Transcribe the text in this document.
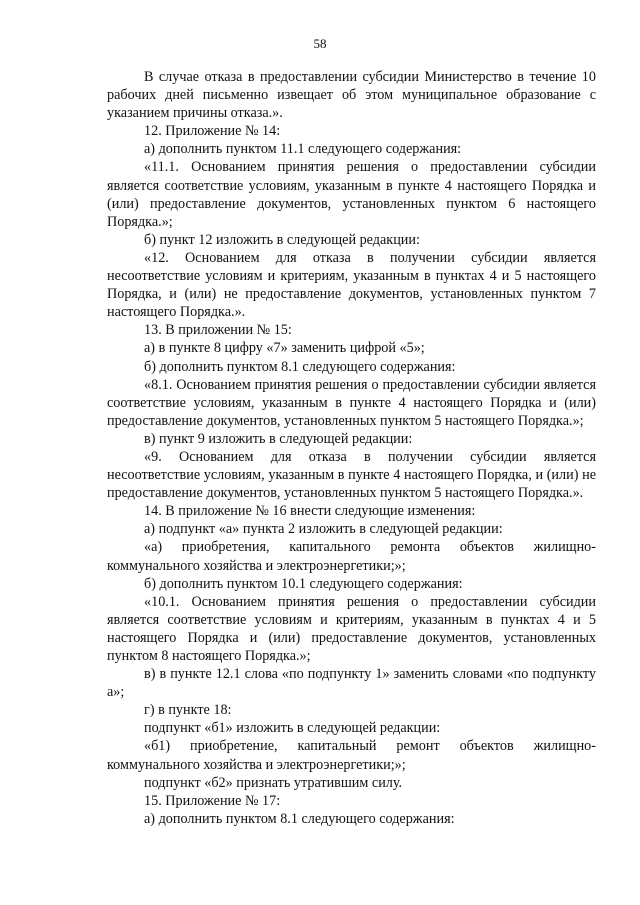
58

В случае отказа в предоставлении субсидии Министерство в течение 10 рабочих дней письменно извещает об этом муниципальное образование с указанием причины отказа.».

12. Приложение № 14:

а) дополнить пунктом 11.1 следующего содержания:

«11.1. Основанием принятия решения о предоставлении субсидии является соответствие условиям, указанным в пункте 4 настоящего Порядка и (или) предоставление документов, установленных пунктом 6 настоящего Порядка.»;

б) пункт 12 изложить в следующей редакции:

«12. Основанием для отказа в получении субсидии является несоответствие условиям и критериям, указанным в пунктах 4 и 5 настоящего Порядка, и (или) не предоставление документов, установленных пунктом 7 настоящего Порядка.».

13. В приложении № 15:

а) в пункте 8 цифру «7» заменить цифрой «5»;

б) дополнить пунктом 8.1 следующего содержания:

«8.1. Основанием принятия решения о предоставлении субсидии является соответствие условиям, указанным в пункте 4 настоящего Порядка и (или) предоставление документов, установленных пунктом 5 настоящего Порядка.»;

в) пункт 9 изложить в следующей редакции:

«9. Основанием для отказа в получении субсидии является несоответствие условиям, указанным в пункте 4 настоящего Порядка, и (или) не предоставление документов, установленных пунктом 5 настоящего Порядка.».

14. В приложение № 16 внести следующие изменения:

а) подпункт «а» пункта 2 изложить в следующей редакции:

«а) приобретения, капитального ремонта объектов жилищно-коммунального хозяйства и электроэнергетики;»;

б) дополнить пунктом 10.1 следующего содержания:

«10.1. Основанием принятия решения о предоставлении субсидии является соответствие условиям и критериям, указанным в пунктах 4 и 5 настоящего Порядка и (или) предоставление документов, установленных пунктом 8 настоящего Порядка.»;

в) в пункте 12.1 слова «по подпункту 1» заменить словами «по подпункту а»;

г) в пункте 18:

подпункт «б1» изложить в следующей редакции:

«б1) приобретение, капитальный ремонт объектов жилищно-коммунального хозяйства и электроэнергетики;»;

подпункт «б2» признать утратившим силу.

15. Приложение № 17:

а) дополнить пунктом 8.1 следующего содержания:
